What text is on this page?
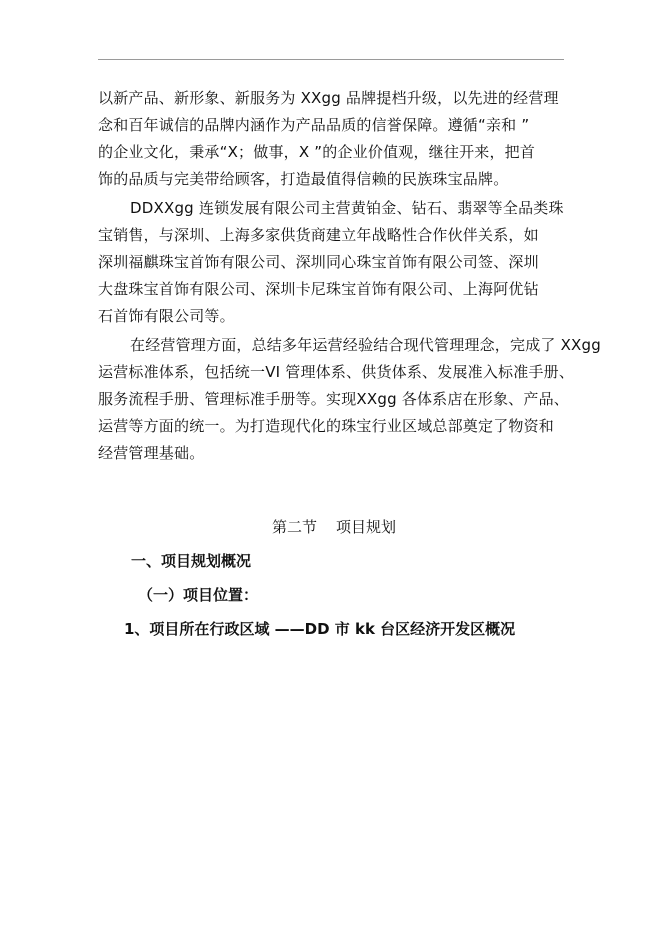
以新产品、新形象、新服务为 XXgg 品牌提档升级，以先进的经营理

念和百年诚信的品牌内涵作为产品品质的信誉保障。遵循“亲和 ”

的企业文化，秉承“X；做事，X ”的企业价值观，继往开来，把首

饰的品质与完美带给顾客，打造最值得信赖的民族珠宝品牌。

DDXXgg 连锁发展有限公司主营黄铂金、钻石、翡翠等全品类珠

宝销售，与深圳、上海多家供货商建立年战略性合作伙伴关系，如

深圳福麒珠宝首饰有限公司、深圳同心珠宝首饰有限公司签、深圳

大盘珠宝首饰有限公司、深圳卡尼珠宝首饰有限公司、上海阿优钻

石首饰有限公司等。

在经营管理方面，总结多年运营经验结合现代管理理念，完成了 XXgg

运营标准体系，包括统一VI 管理体系、供货体系、发展准入标准手册、

服务流程手册、管理标准手册等。实现XXgg 各体系店在形象、产品、

运营等方面的统一。为打造现代化的珠宝行业区域总部奠定了物资和

经营管理基础。

第二节    项目规划

一、项目规划概况

（一）项目位置：

1、项目所在行政区域 ——DD 市 kk 台区经济开发区概况
